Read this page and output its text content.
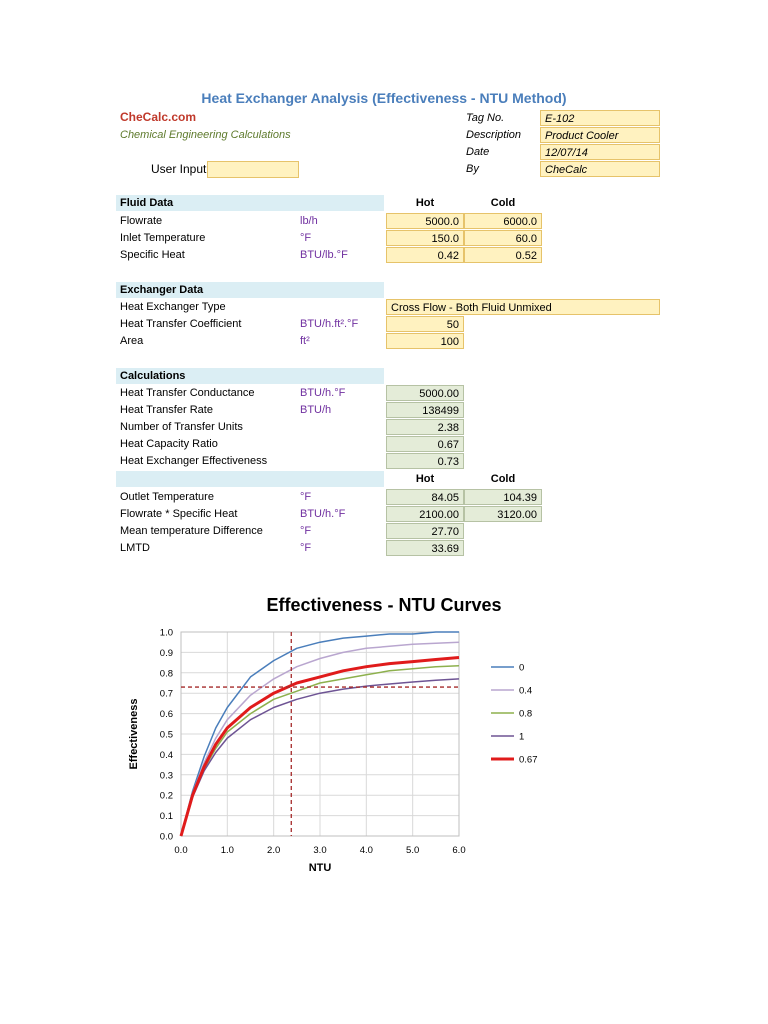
Heat Exchanger Analysis (Effectiveness - NTU Method)
CheCalc.com
Chemical Engineering Calculations
User Input
Tag No.	E-102
Description	Product Cooler
Date	12/07/14
By	CheCalc
Fluid Data	Hot	Cold
Flowrate	lb/h	5000.0	6000.0
Inlet Temperature	°F	150.0	60.0
Specific Heat	BTU/lb.°F	0.42	0.52
Exchanger Data
Heat Exchanger Type	Cross Flow - Both Fluid Unmixed
Heat Transfer Coefficient	BTU/h.ft².°F	50
Area	ft²	100
Calculations
Heat Transfer Conductance	BTU/h.°F	5000.00
Heat Transfer Rate	BTU/h	138499
Number of Transfer Units	2.38
Heat Capacity Ratio	0.67
Heat Exchanger Effectiveness	0.73
Hot	Cold
Outlet Temperature	°F	84.05	104.39
Flowrate * Specific Heat	BTU/h.°F	2100.00	3120.00
Mean temperature Difference	°F	27.70
LMTD	°F	33.69
Effectiveness - NTU Curves
0.0
0.1
0.2
0.3
0.4
0.5
0.6
0.7
0.8
0.9
1.0
0.0	1.0	2.0	3.0	4.0	5.0	6.0
NTU
Effectiveness
0
0.4
0.8
1
0.67
